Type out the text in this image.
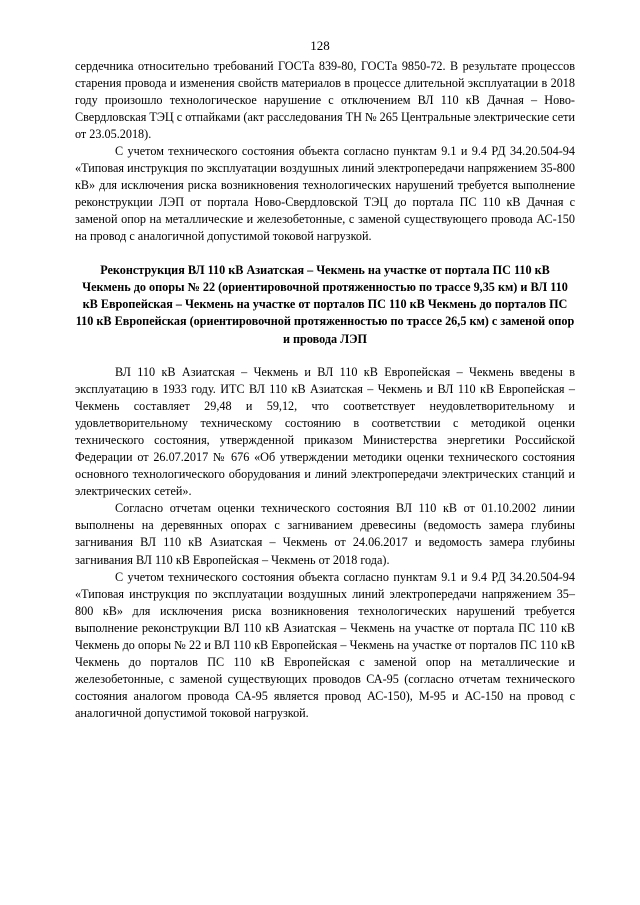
128

сердечника относительно требований ГОСТа 839-80, ГОСТа 9850-72. В результате процессов старения провода и изменения свойств материалов в процессе длительной эксплуатации в 2018 году произошло технологическое нарушение с отключением ВЛ 110 кВ Дачная – Ново-Свердловская ТЭЦ с отпайками (акт расследования ТН № 265 Центральные электрические сети от 23.05.2018).

С учетом технического состояния объекта согласно пунктам 9.1 и 9.4 РД 34.20.504-94 «Типовая инструкция по эксплуатации воздушных линий электропередачи напряжением 35-800 кВ» для исключения риска возникновения технологических нарушений требуется выполнение реконструкции ЛЭП от портала Ново-Свердловской ТЭЦ до портала ПС 110 кВ Дачная с заменой опор на металлические и железобетонные, с заменой существующего провода АС-150 на провод с аналогичной допустимой токовой нагрузкой.

Реконструкция ВЛ 110 кВ Азиатская – Чекмень на участке от портала ПС 110 кВ Чекмень до опоры № 22 (ориентировочной протяженностью по трассе 9,35 км) и ВЛ 110 кВ Европейская – Чекмень на участке от порталов ПС 110 кВ Чекмень до порталов ПС 110 кВ Европейская (ориентировочной протяженностью по трассе 26,5 км) с заменой опор и провода ЛЭП

ВЛ 110 кВ Азиатская – Чекмень и ВЛ 110 кВ Европейская – Чекмень введены в эксплуатацию в 1933 году. ИТС ВЛ 110 кВ Азиатская – Чекмень и ВЛ 110 кВ Европейская – Чекмень составляет 29,48 и 59,12, что соответствует неудовлетворительному и удовлетворительному техническому состоянию в соответствии с методикой оценки технического состояния, утвержденной приказом Министерства энергетики Российской Федерации от 26.07.2017 № 676 «Об утверждении методики оценки технического состояния основного технологического оборудования и линий электропередачи электрических станций и электрических сетей».

Согласно отчетам оценки технического состояния ВЛ 110 кВ от 01.10.2002 линии выполнены на деревянных опорах с загниванием древесины (ведомость замера глубины загнивания ВЛ 110 кВ Азиатская – Чекмень от 24.06.2017 и ведомость замера глубины загнивания ВЛ 110 кВ Европейская – Чекмень от 2018 года).

С учетом технического состояния объекта согласно пунктам 9.1 и 9.4 РД 34.20.504-94 «Типовая инструкция по эксплуатации воздушных линий электропередачи напряжением 35–800 кВ» для исключения риска возникновения технологических нарушений требуется выполнение реконструкции ВЛ 110 кВ Азиатская – Чекмень на участке от портала ПС 110 кВ Чекмень до опоры № 22 и ВЛ 110 кВ Европейская – Чекмень на участке от порталов ПС 110 кВ Чекмень до порталов ПС 110 кВ Европейская с заменой опор на металлические и железобетонные, с заменой существующих проводов СА-95 (согласно отчетам технического состояния аналогом провода СА-95 является провод АС-150), М-95 и АС-150 на провод с аналогичной допустимой токовой нагрузкой.
